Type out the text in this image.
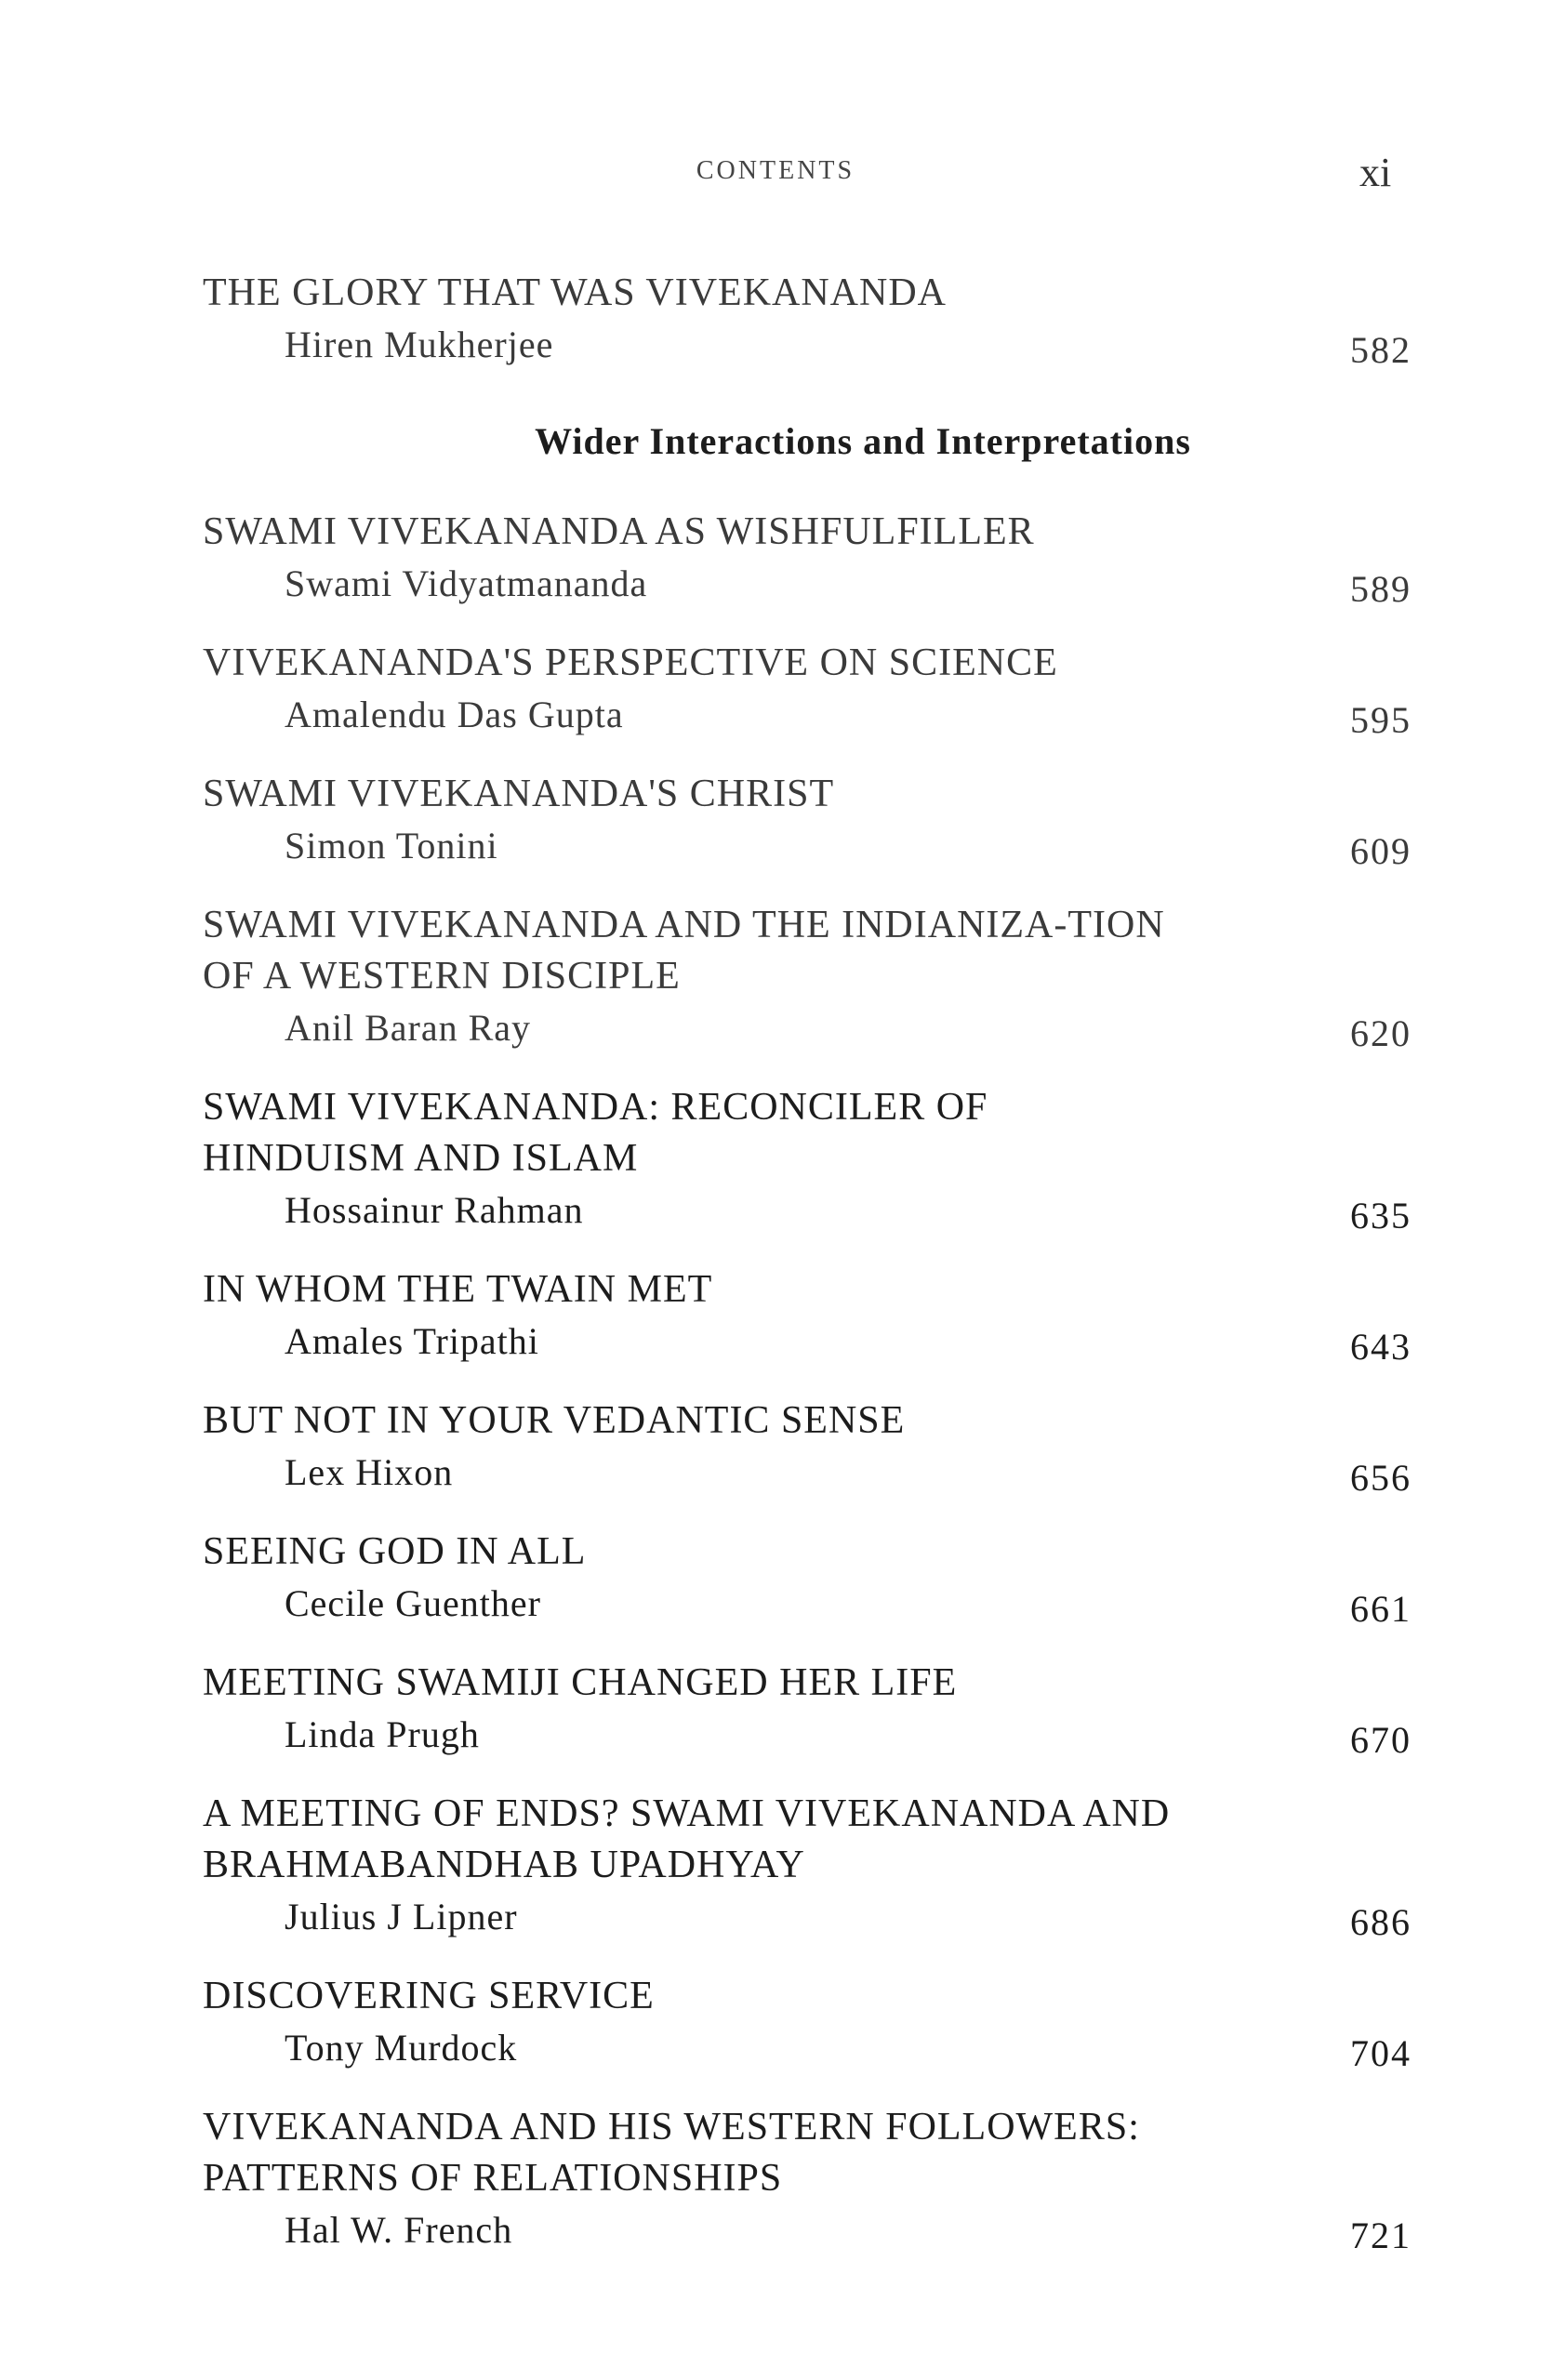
CONTENTS	xi
THE GLORY THAT WAS VIVEKANANDA
Hiren Mukherjee	582
Wider Interactions and Interpretations
SWAMI VIVEKANANDA AS WISHFULFILLER
Swami Vidyatmananda	589
VIVEKANANDA'S PERSPECTIVE ON SCIENCE
Amalendu Das Gupta	595
SWAMI VIVEKANANDA'S CHRIST
Simon Tonini	609
SWAMI VIVEKANANDA AND THE INDIANIZA-TION OF A WESTERN DISCIPLE
Anil Baran Ray	620
SWAMI VIVEKANANDA: RECONCILER OF HINDUISM AND ISLAM
Hossainur Rahman	635
IN WHOM THE TWAIN MET
Amales Tripathi	643
BUT NOT IN YOUR VEDANTIC SENSE
Lex Hixon	656
SEEING GOD IN ALL
Cecile Guenther	661
MEETING SWAMIJI CHANGED HER LIFE
Linda Prugh	670
A MEETING OF ENDS? SWAMI VIVEKANANDA AND BRAHMABANDHAB UPADHYAY
Julius J Lipner	686
DISCOVERING SERVICE
Tony Murdock	704
VIVEKANANDA AND HIS WESTERN FOLLOWERS: PATTERNS OF RELATIONSHIPS
Hal W. French	721
